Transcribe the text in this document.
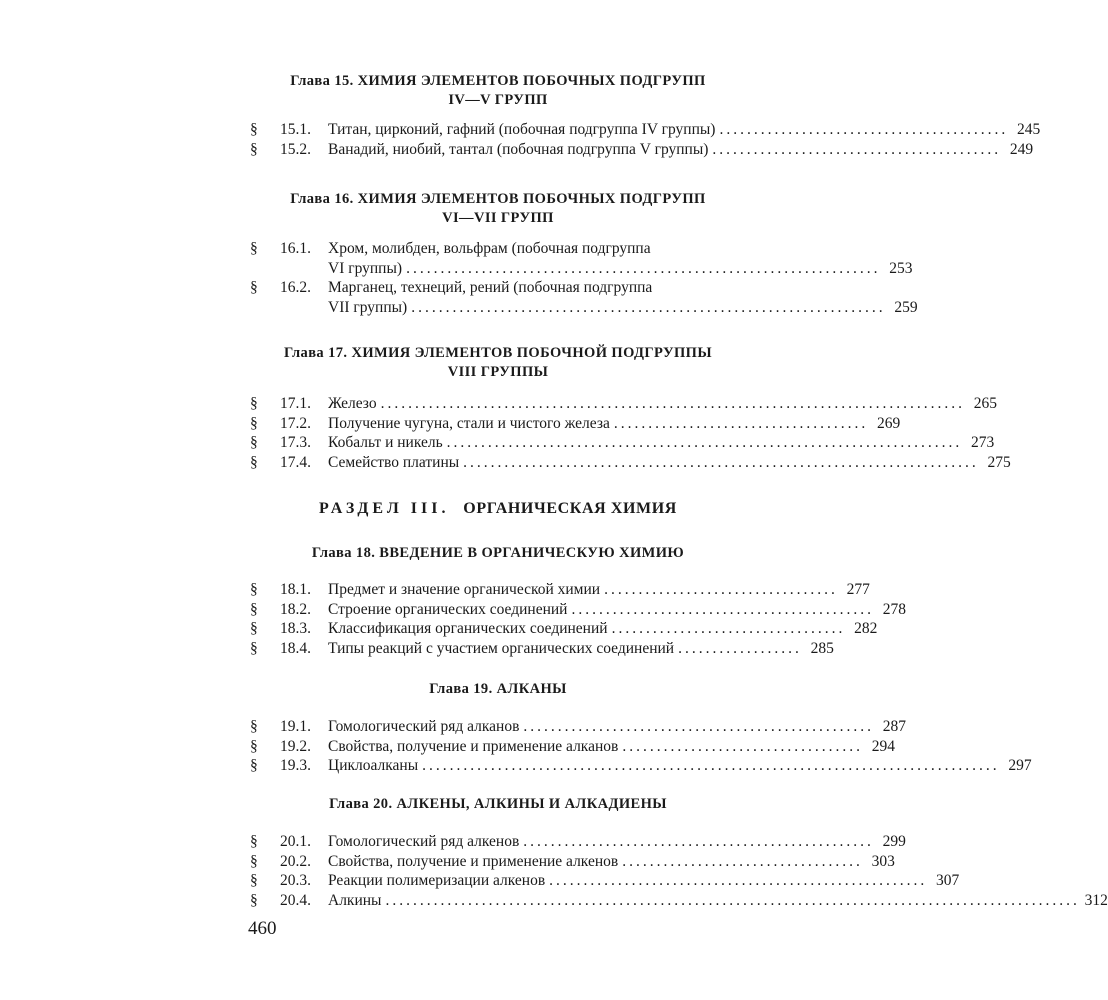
Глава 15. ХИМИЯ ЭЛЕМЕНТОВ ПОБОЧНЫХ ПОДГРУПП
IV—V ГРУПП
§	15.1.	Титан, цирконий, гафний (побочная подгруппа IV группы) .......................................... 245
§	15.2.	Ванадий, ниобий, тантал (побочная подгруппа V группы) .......................................... 249
Глава 16. ХИМИЯ ЭЛЕМЕНТОВ ПОБОЧНЫХ ПОДГРУПП
VI—VII ГРУПП
§	16.1.	Хром, молибден, вольфрам (побочная подгруппа
VI группы) ..................................................................... 253
§	16.2.	Марганец, технеций, рений (побочная подгруппа
VII группы) ..................................................................... 259
Глава 17. ХИМИЯ ЭЛЕМЕНТОВ ПОБОЧНОЙ ПОДГРУППЫ
VIII ГРУППЫ
§	17.1.	Железо ..................................................................................... 265
§	17.2.	Получение чугуна, стали и чистого железа ..................................... 269
§	17.3.	Кобальт и никель ........................................................................... 273
§	17.4.	Семейство платины ........................................................................... 275
РАЗДЕЛ III. ОРГАНИЧЕСКАЯ ХИМИЯ
Глава 18. ВВЕДЕНИЕ В ОРГАНИЧЕСКУЮ ХИМИЮ
§	18.1.	Предмет и значение органической химии .................................. 277
§	18.2.	Строение органических соединений ............................................ 278
§	18.3.	Классификация органических соединений .................................. 282
§	18.4.	Типы реакций с участием органических соединений .................. 285
Глава 19. АЛКАНЫ
§	19.1.	Гомологический ряд алканов ................................................... 287
§	19.2.	Свойства, получение и применение алканов ................................... 294
§	19.3.	Циклоалканы .................................................................................... 297
Глава 20. АЛКЕНЫ, АЛКИНЫ И АЛКАДИЕНЫ
§	20.1.	Гомологический ряд алкенов ................................................... 299
§	20.2.	Свойства, получение и применение алкенов ................................... 303
§	20.3.	Реакции полимеризации алкенов ....................................................... 307
§	20.4.	Алкины ..................................................................................................... 312
460
